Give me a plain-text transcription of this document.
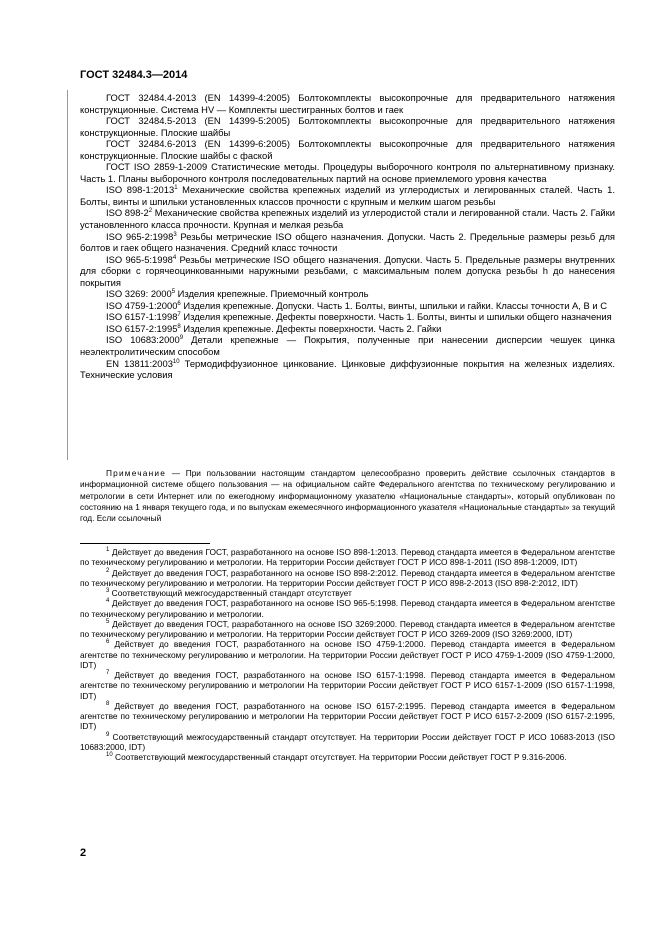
ГОСТ 32484.3—2014

ГОСТ 32484.4-2013 (EN 14399-4:2005) Болтокомплекты высокопрочные для предварительного натяжения конструкционные. Система HV — Комплекты шестигранных болтов и гаек

ГОСТ 32484.5-2013 (EN 14399-5:2005) Болтокомплекты высокопрочные для предварительного натяжения конструкционные. Плоские шайбы

ГОСТ 32484.6-2013 (EN 14399-6:2005) Болтокомплекты высокопрочные для предварительного натяжения конструкционные. Плоские шайбы с фаской

ГОСТ ISO 2859-1-2009 Статистические методы. Процедуры выборочного контроля по альтернативному признаку. Часть 1. Планы выборочного контроля последовательных партий на основе приемлемого уровня качества

ISO 898-1:2013$^1$ Механические свойства крепежных изделий из углеродистых и легированных сталей. Часть 1. Болты, винты и шпильки установленных классов прочности с крупным и мелким шагом резьбы

ISO $898-2^2$ Механические свойства крепежных изделий из углеродистой стали и легированной стали. Часть 2. Гайки установленного класса прочности. Крупная и мелкая резьба

ISO 965-2:1998$^3$ Резьбы метрические ISO общего назначения. Допуски. Часть 2. Предельные размеры резьб для болтов и гаек общего назначения. Средний класс точности

ISO 965-5:1998$^4$ Резьбы метрические ISO общего назначения. Допуски. Часть 5. Предельные размеры внутренних для сборки с горячеоцинкованными наружными резьбами, с максимальным полем допуска резьбы h до нанесения покрытия

ISO 3269: 2000$^5$ Изделия крепежные. Приемочный контроль

ISO 4759-1:2000$^6$ Изделия крепежные. Допуски. Часть 1. Болты, винты, шпильки и гайки. Классы точности А, В и С

ISO 6157-1:1998$^7$ Изделия крепежные. Дефекты поверхности. Часть 1. Болты, винты и шпильки общего назначения

ISO 6157-2:1995$^8$ Изделия крепежные. Дефекты поверхности. Часть 2. Гайки

ISO 10683:2000$^9$ Детали крепежные — Покрытия, полученные при нанесении дисперсии чешуек цинка неэлектролитическим способом

EN 13811:2003$^{10}$ Термодиффузионное цинкование. Цинковые диффузионные покрытия на железных изделиях. Технические условия

Примечание — При пользовании настоящим стандартом целесообразно проверить действие ссылочных стандартов в информационной системе общего пользования — на официальном сайте Федерального агентства по техническому регулированию и метрологии в сети Интернет или по ежегодному информационному указателю «Национальные стандарты», который опубликован по состоянию на 1 января текущего года, и по выпускам ежемесячного информационного указателя «Национальные стандарты» за текущий год. Если ссылочный

$^1$ Действует до введения ГОСТ, разработанного на основе ISO 898-1:2013. Перевод стандарта имеется в Федеральном агентстве по техническому регулированию и метрологии. На территории России действует ГОСТ Р ИСО 898-1-2011 (ISO 898-1:2009, IDT)

$^2$ Действует до введения ГОСТ, разработанного на основе ISO 898-2:2012. Перевод стандарта имеется в Федеральном агентстве по техническому регулированию и метрологии. На территории России действует ГОСТ Р ИСО 898-2-2013 (ISO 898-2:2012, IDT)

$^3$ Соответствующий межгосударственный стандарт отсутствует

$^4$ Действует до введения ГОСТ, разработанного на основе ISO 965-5:1998. Перевод стандарта имеется в Федеральном агентстве по техническому регулированию и метрологии.

$^5$ Действует до введения ГОСТ, разработанного на основе ISO 3269:2000. Перевод стандарта имеется в Федеральном агентстве по техническому регулированию и метрологии. На территории России действует ГОСТ Р ИСО 3269-2009 (ISO 3269:2000, IDT)

$^6$ Действует до введения ГОСТ, разработанного на основе ISO 4759-1:2000. Перевод стандарта имеется в Федеральном агентстве по техническому регулированию и метрологии. На территории России действует ГОСТ Р ИСО 4759-1-2009 (ISO 4759-1:2000, IDT)

$^7$ Действует до введения ГОСТ, разработанного на основе ISO 6157-1:1998. Перевод стандарта имеется в Федеральном агентстве по техническому регулированию и метрологии На территории России действует ГОСТ Р ИСО 6157-1-2009 (ISO 6157-1:1998, IDT)

$^8$ Действует до введения ГОСТ, разработанного на основе ISO 6157-2:1995. Перевод стандарта имеется в Федеральном агентстве по техническому регулированию и метрологии На территории России действует ГОСТ Р ИСО 6157-2-2009 (ISO 6157-2:1995, IDT)

$^9$ Соответствующий межгосударственный стандарт отсутствует. На территории России действует ГОСТ Р ИСО 10683-2013 (ISO 10683:2000, IDT)

$^{10}$ Соответствующий межгосударственный стандарт отсутствует. На территории России действует ГОСТ Р 9.316-2006.

2
